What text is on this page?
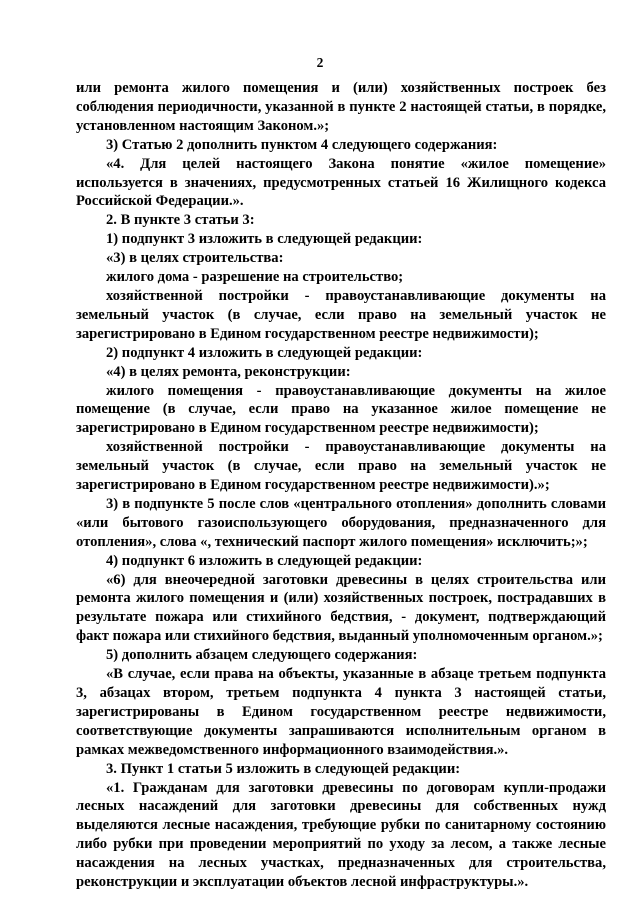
2

или ремонта жилого помещения и (или) хозяйственных построек без соблюдения периодичности, указанной в пункте 2 настоящей статьи, в порядке, установленном настоящим Законом.»;

3) Статью 2 дополнить пунктом 4 следующего содержания:

«4. Для целей настоящего Закона понятие «жилое помещение» используется в значениях, предусмотренных статьей 16 Жилищного кодекса Российской Федерации.».

2. В пункте 3 статьи 3:

1) подпункт 3 изложить в следующей редакции:

«3) в целях строительства:

жилого дома - разрешение на строительство;

хозяйственной постройки - правоустанавливающие документы на земельный участок (в случае, если право на земельный участок не зарегистрировано в Едином государственном реестре недвижимости);

2) подпункт 4 изложить в следующей редакции:

«4) в целях ремонта, реконструкции:

жилого помещения - правоустанавливающие документы на жилое помещение (в случае, если право на указанное жилое помещение не зарегистрировано в Едином государственном реестре недвижимости);

хозяйственной постройки - правоустанавливающие документы на земельный участок (в случае, если право на земельный участок не зарегистрировано в Едином государственном реестре недвижимости).»;

3) в подпункте 5 после слов «центрального отопления» дополнить словами «или бытового газоиспользующего оборудования, предназначенного для отопления», слова «, технический паспорт жилого помещения» исключить;»;

4) подпункт 6 изложить в следующей редакции:

«6) для внеочередной заготовки древесины в целях строительства или ремонта жилого помещения и (или) хозяйственных построек, пострадавших в результате пожара или стихийного бедствия, - документ, подтверждающий факт пожара или стихийного бедствия, выданный уполномоченным органом.»;

5) дополнить абзацем следующего содержания:

«В случае, если права на объекты, указанные в абзаце третьем подпункта 3, абзацах втором, третьем подпункта 4 пункта 3 настоящей статьи, зарегистрированы в Едином государственном реестре недвижимости, соответствующие документы запрашиваются исполнительным органом в рамках межведомственного информационного взаимодействия.».

3. Пункт 1 статьи 5 изложить в следующей редакции:

«1. Гражданам для заготовки древесины по договорам купли-продажи лесных насаждений для заготовки древесины для собственных нужд выделяются лесные насаждения, требующие рубки по санитарному состоянию либо рубки при проведении мероприятий по уходу за лесом, а также лесные насаждения на лесных участках, предназначенных для строительства, реконструкции и эксплуатации объектов лесной инфраструктуры.».
